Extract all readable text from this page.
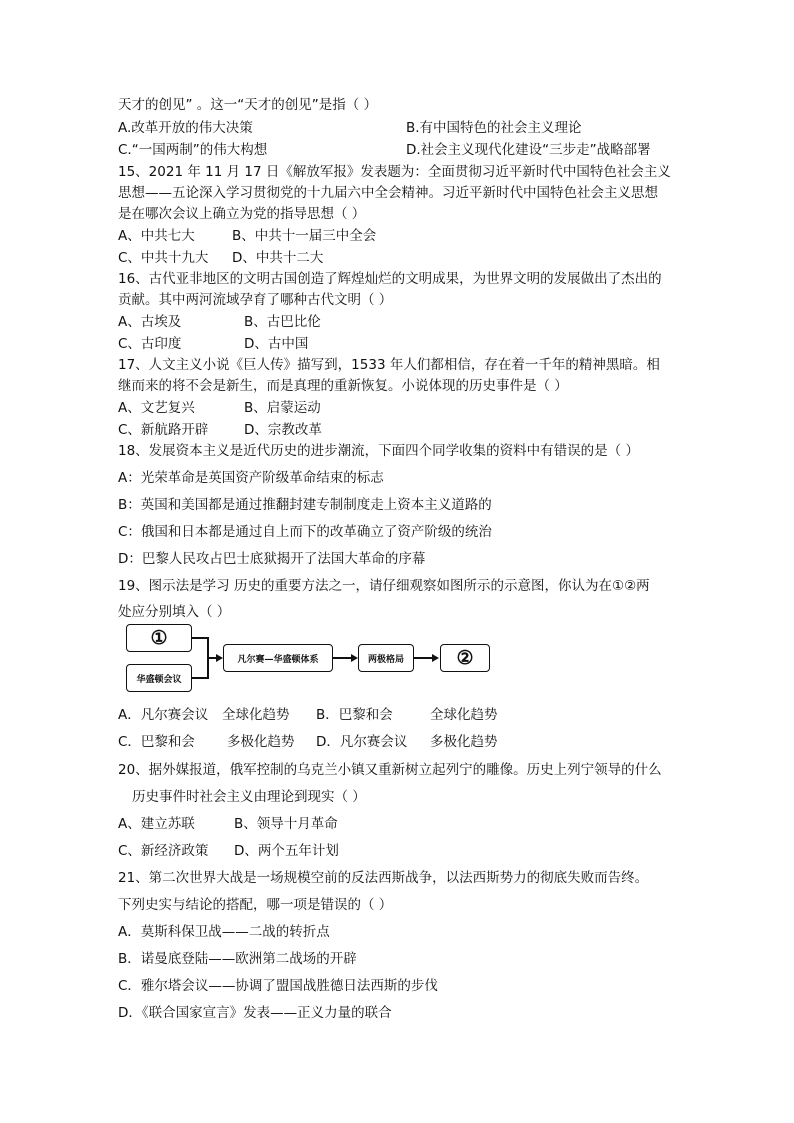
天才的创见” 。这一“天才的创见”是指（ ）
A.改革开放的伟大决策	B.有中国特色的社会主义理论
C.“一国两制”的伟大构想	D.社会主义现代化建设“三步走”战略部署
15、2021 年 11 月 17 日《解放军报》发表题为：全面贯彻习近平新时代中国特色社会主义
思想——五论深入学习贯彻党的十九届六中全会精神。习近平新时代中国特色社会主义思想
是在哪次会议上确立为党的指导思想（ ）
A、中共七大	B、中共十一届三中全会
C、中共十九大 D、中共十二大
16、古代亚非地区的文明古国创造了辉煌灿烂的文明成果，为世界文明的发展做出了杰出的
贡献。其中两河流域孕育了哪种古代文明（ ）
A、古埃及	B、古巴比伦
C、古印度	D、古中国
17、人文主义小说《巨人传》描写到，1533 年人们都相信，存在着一千年的精神黑暗。相
继而来的将不会是新生，而是真理的重新恢复。小说体现的历史事件是（ ）
A、文艺复兴	B、启蒙运动
C、新航路开辟	D、宗教改革
18、发展资本主义是近代历史的进步潮流，下面四个同学收集的资料中有错误的是（ ）
A：光荣革命是英国资产阶级革命结束的标志
B：英国和美国都是通过推翻封建专制制度走上资本主义道路的
C：俄国和日本都是通过自上而下的改革确立了资产阶级的统治
D：巴黎人民攻占巴士底狱揭开了法国大革命的序幕
19、图示法是学习 历史的重要方法之一，请仔细观察如图所示的示意图，你认为在①②两
处应分别填入（ ）
①
华盛顿会议
凡尔赛—华盛顿体系	两极格局	②
A．凡尔赛会议 全球化趋势 B．巴黎和会	全球化趋势
C．巴黎和会 多极化趋势 D．凡尔赛会议 多极化趋势
20、据外媒报道，俄军控制的乌克兰小镇又重新树立起列宁的雕像。历史上列宁领导的什么
历史事件时社会主义由理论到现实（ ）
A、建立苏联	B、领导十月革命
C、新经济政策 D、两个五年计划
21、第二次世界大战是一场规模空前的反法西斯战争，以法西斯势力的彻底失败而告终。
下列史实与结论的搭配，哪一项是错误的（ ）
A．莫斯科保卫战——二战的转折点
B．诺曼底登陆——欧洲第二战场的开辟
C．雅尔塔会议——协调了盟国战胜德日法西斯的步伐
D．《联合国家宣言》发表——正义力量的联合
